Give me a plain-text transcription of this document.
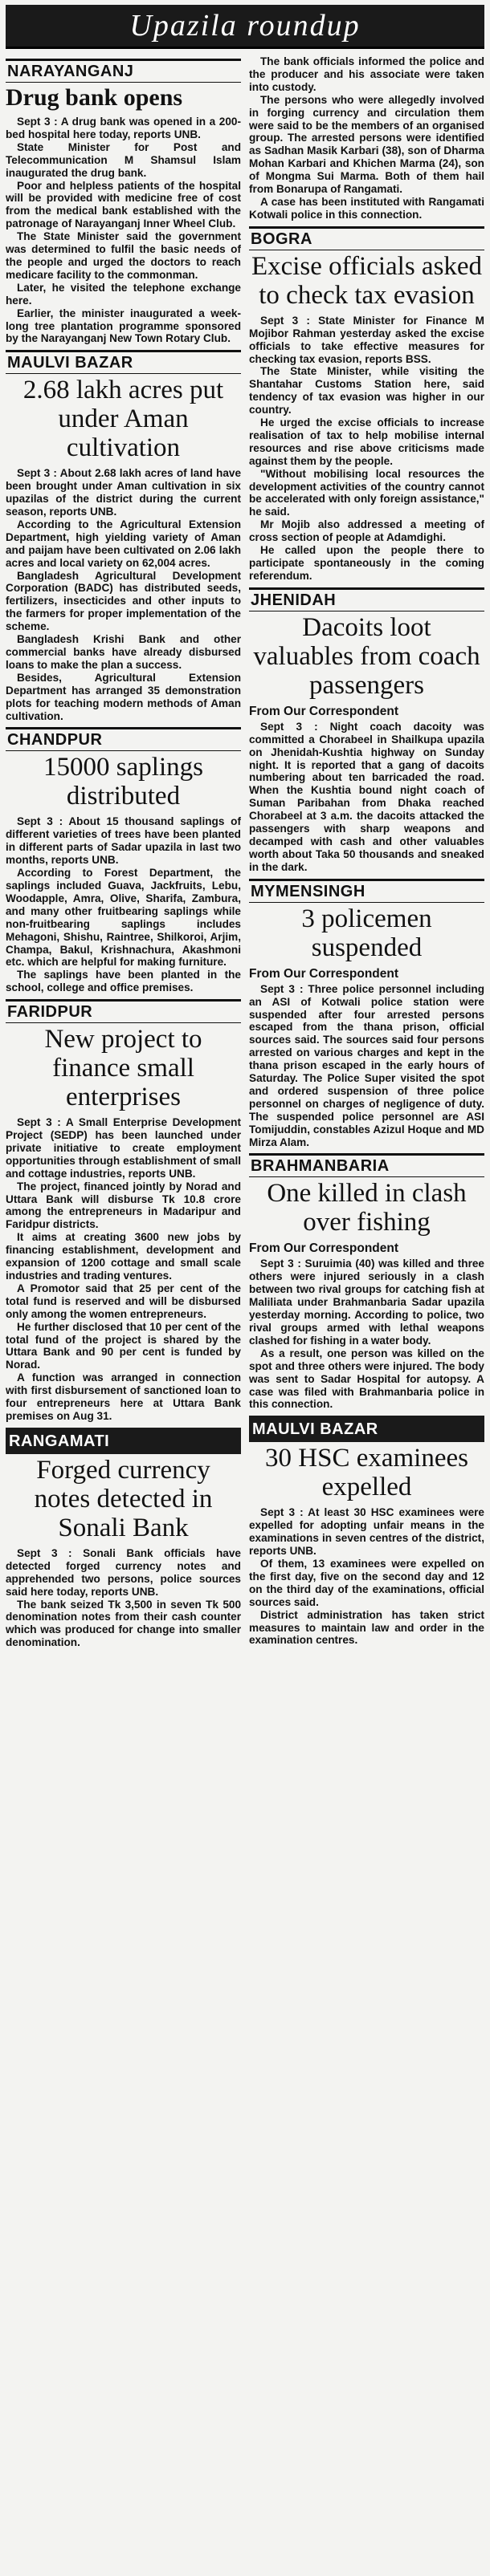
Upazila roundup
NARAYANGANJ
Drug bank opens

Sept 3 : A drug bank was opened in a 200-bed hospital here today, reports UNB.

State Minister for Post and Telecommunication M Shamsul Islam inaugurated the drug bank.

Poor and helpless patients of the hospital will be provided with medicine free of cost from the medical bank established with the patronage of Narayanganj Inner Wheel Club.

The State Minister said the government was determined to fulfil the basic needs of the people and urged the doctors to reach medicare facility to the commonman.

Later, he visited the telephone exchange here.

Earlier, the minister inaugurated a week-long tree plantation programme sponsored by the Narayanganj New Town Rotary Club.

MAULVI BAZAR
2.68 lakh acres put under Aman cultivation

Sept 3 : About 2.68 lakh acres of land have been brought under Aman cultivation in six upazilas of the district during the current season, reports UNB.

According to the Agricultural Extension Department, high yielding variety of Aman and paijam have been cultivated on 2.06 lakh acres and local variety on 62,004 acres.

Bangladesh Agricultural Development Corporation (BADC) has distributed seeds, fertilizers, insecticides and other inputs to the farmers for proper implementation of the scheme.

Bangladesh Krishi Bank and other commercial banks have already disbursed loans to make the plan a success.

Besides, Agricultural Extension Department has arranged 35 demonstration plots for teaching modern methods of Aman cultivation.

CHANDPUR
15000 saplings distributed

Sept 3 : About 15 thousand saplings of different varieties of trees have been planted in different parts of Sadar upazila in last two months, reports UNB.

According to Forest Department, the saplings included Guava, Jackfruits, Lebu, Woodapple, Amra, Olive, Sharifa, Zambura, and many other fruitbearing saplings while non-fruitbearing saplings includes Mehagoni, Shishu, Raintree, Shilkoroi, Arjim, Champa, Bakul, Krishnachura, Akashmoni etc. which are helpful for making furniture.

The saplings have been planted in the school, college and office premises.

FARIDPUR
New project to finance small enterprises

Sept 3 : A Small Enterprise Development Project (SEDP) has been launched under private initiative to create employment opportunities through establishment of small and cottage industries, reports UNB.

The project, financed jointly by Norad and Uttara Bank will disburse Tk 10.8 crore among the entrepreneurs in Madaripur and Faridpur districts.

It aims at creating 3600 new jobs by financing establishment, development and expansion of 1200 cottage and small scale industries and trading ventures.

A Promotor said that 25 per cent of the total fund is reserved and will be disbursed only among the women entrepreneurs.

He further disclosed that 10 per cent of the total fund of the project is shared by the Uttara Bank and 90 per cent is funded by Norad.

A function was arranged in connection with first disbursement of sanctioned loan to four entrepreneurs here at Uttara Bank premises on Aug 31.

RANGAMATI
Forged currency notes detected in Sonali Bank

Sept 3 : Sonali Bank officials have detected forged currency notes and apprehended two persons, police sources said here today, reports UNB.

The bank seized Tk 3,500 in seven Tk 500 denomination notes from their cash counter which was produced for change into smaller denomination.

The bank officials informed the police and the producer and his associate were taken into custody.

The persons who were allegedly involved in forging currency and circulation them were said to be the members of an organised group. The arrested persons were identified as Sadhan Masik Karbari (38), son of Dharma Mohan Karbari and Khichen Marma (24), son of Mongma Sui Marma. Both of them hail from Bonarupa of Rangamati.

A case has been instituted with Rangamati Kotwali police in this connection.

BOGRA
Excise officials asked to check tax evasion

Sept 3 : State Minister for Finance M Mojibor Rahman yesterday asked the excise officials to take effective measures for checking tax evasion, reports BSS.

The State Minister, while visiting the Shantahar Customs Station here, said tendency of tax evasion was higher in our country.

He urged the excise officials to increase realisation of tax to help mobilise internal resources and rise above criticisms made against them by the people.

"Without mobilising local resources the development activities of the country cannot be accelerated with only foreign assistance," he said.

Mr Mojib also addressed a meeting of cross section of people at Adamdighi.

He called upon the people there to participate spontaneously in the coming referendum.

JHENIDAH
Dacoits loot valuables from coach passengers
From Our Correspondent

Sept 3 : Night coach dacoity was committed a Chorabeel in Shailkupa upazila on Jhenidah-Kushtia highway on Sunday night. It is reported that a gang of dacoits numbering about ten barricaded the road. When the Kushtia bound night coach of Suman Paribahan from Dhaka reached Chorabeel at 3 a.m. the dacoits attacked the passengers with sharp weapons and decamped with cash and other valuables worth about Taka 50 thousands and sneaked in the dark.

MYMENSINGH
3 policemen suspended
From Our Correspondent

Sept 3 : Three police personnel including an ASI of Kotwali police station were suspended after four arrested persons escaped from the thana prison, official sources said. The sources said four persons arrested on various charges and kept in the thana prison escaped in the early hours of Saturday. The Police Super visited the spot and ordered suspension of three police personnel on charges of negligence of duty. The suspended police personnel are ASI Tomijuddin, constables Azizul Hoque and MD Mirza Alam.

BRAHMANBARIA
One killed in clash over fishing
From Our Correspondent

Sept 3 : Suruimia (40) was killed and three others were injured seriously in a clash between two rival groups for catching fish at Maliliata under Brahmanbaria Sadar upazila yesterday morning. According to police, two rival groups armed with lethal weapons clashed for fishing in a water body.

As a result, one person was killed on the spot and three others were injured. The body was sent to Sadar Hospital for autopsy. A case was filed with Brahmanbaria police in this connection.

MAULVI BAZAR
30 HSC examinees expelled

Sept 3 : At least 30 HSC examinees were expelled for adopting unfair means in the examinations in seven centres of the district, reports UNB.

Of them, 13 examinees were expelled on the first day, five on the second day and 12 on the third day of the examinations, official sources said.

District administration has taken strict measures to maintain law and order in the examination centres.
